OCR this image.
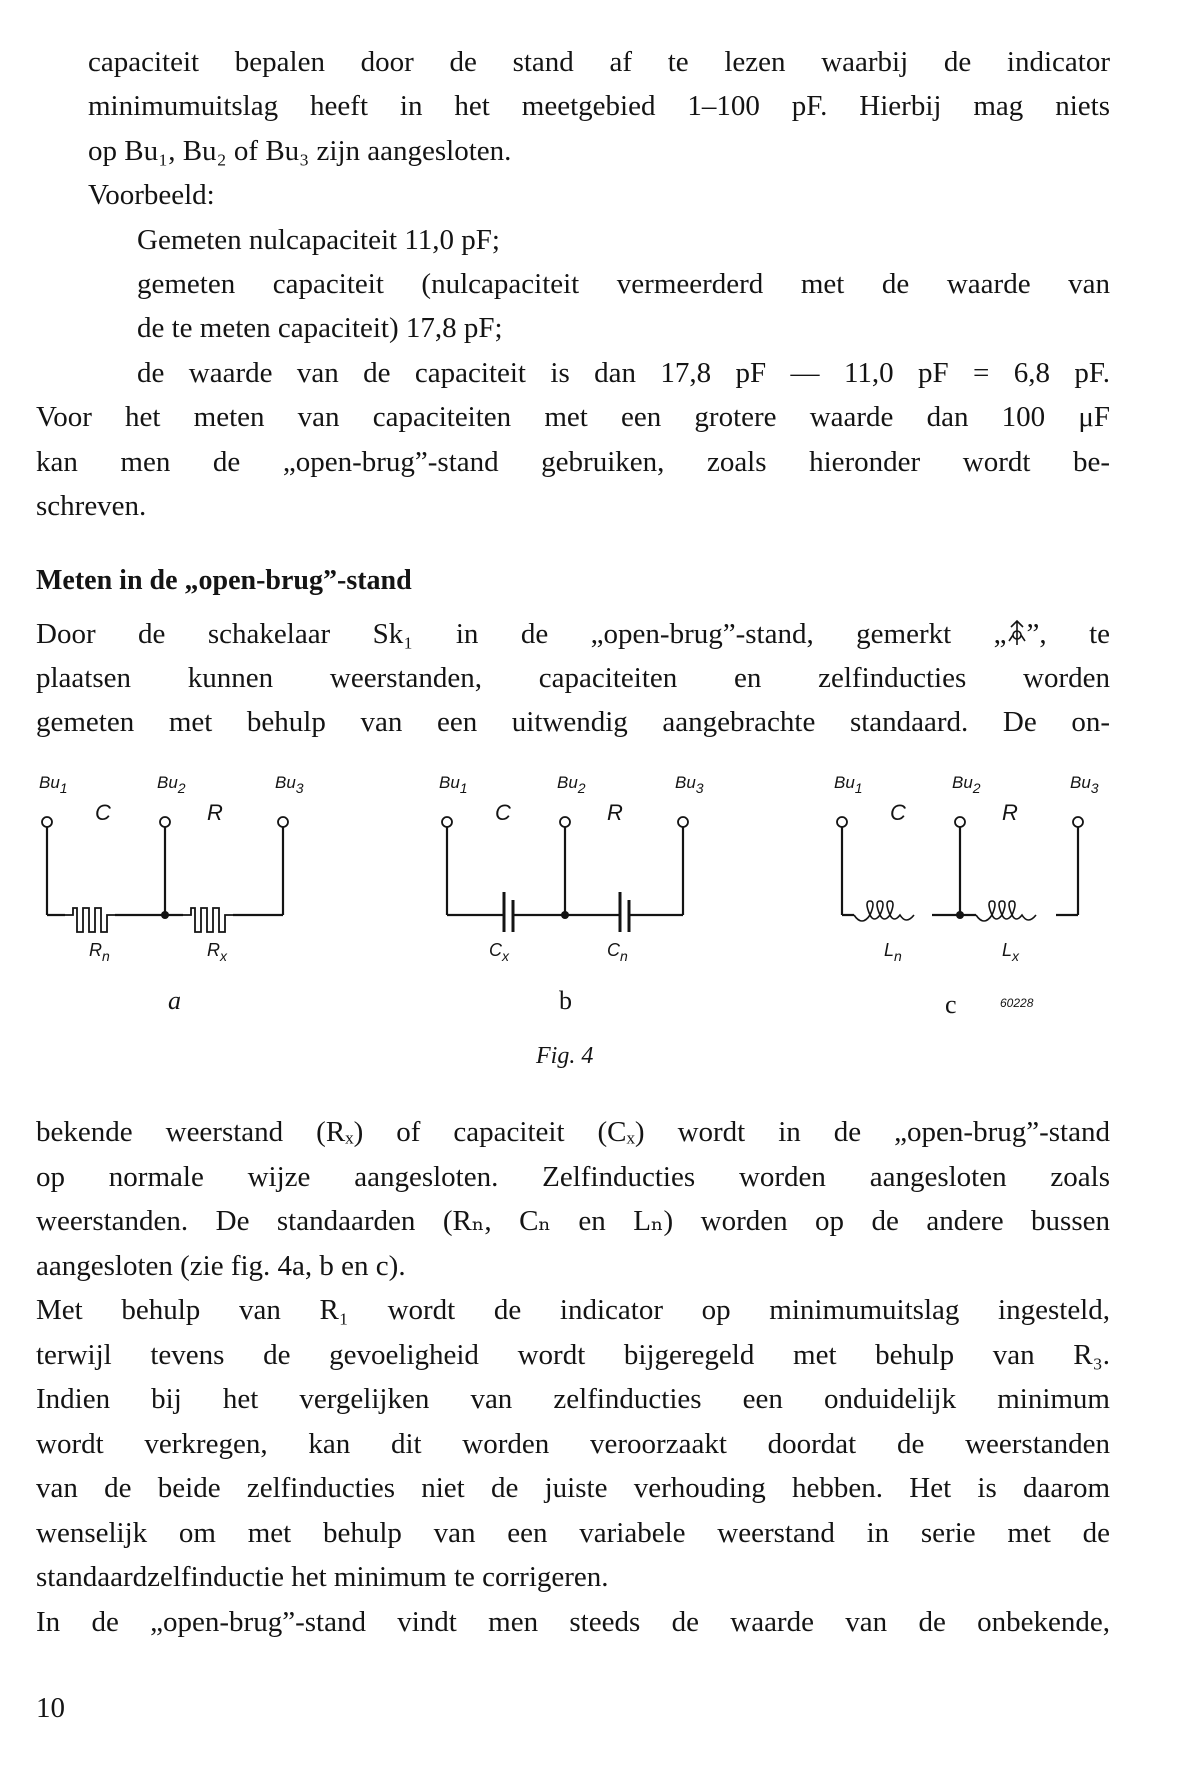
capaciteit bepalen door de stand af te lezen waarbij de indicator
minimumuitslag heeft in het meetgebied 1–100 pF. Hierbij mag niets
op Bu₁, Bu₂ of Bu₃ zijn aangesloten.
Voorbeeld:
Gemeten nulcapaciteit 11,0 pF;
gemeten capaciteit (nulcapaciteit vermeerderd met de waarde van
de te meten capaciteit) 17,8 pF;
de waarde van de capaciteit is dan 17,8 pF — 11,0 pF = 6,8 pF.
Voor het meten van capaciteiten met een grotere waarde dan 100 μF
kan men de „open-brug”-stand gebruiken, zoals hieronder wordt be-
schreven.
Meten in de „open-brug”-stand
Door de schakelaar Sk₁ in de „open-brug”-stand, gemerkt „ ”, te
plaatsen kunnen weerstanden, capaciteiten en zelfinducties worden
gemeten met behulp van een uitwendig aangebrachte standaard. De on-
$Bu_1$	$Bu_2$	$Bu_3$
C	R
$R_n$	$R_x$
$Bu_1$	$Bu_2$	$Bu_3$
C	R
$C_x$	$C_n$
$Bu_1$	$Bu_2$	$Bu_3$
C	R
$L_n$	$L_x$
60228
a	b	c
Fig. 4
bekende weerstand (Rₓ) of capaciteit (Cₓ) wordt in de „open-brug”-stand
op normale wijze aangesloten. Zelfinducties worden aangesloten zoals
weerstanden. De standaarden (Rₙ, Cₙ en Lₙ) worden op de andere bussen
aangesloten (zie fig. 4a, b en c).
Met behulp van R₁ wordt de indicator op minimumuitslag ingesteld,
terwijl tevens de gevoeligheid wordt bijgeregeld met behulp van R₃.
Indien bij het vergelijken van zelfinducties een onduidelijk minimum
wordt verkregen, kan dit worden veroorzaakt doordat de weerstanden
van de beide zelfinducties niet de juiste verhouding hebben. Het is daarom
wenselijk om met behulp van een variabele weerstand in serie met de
standaardzelfinductie het minimum te corrigeren.
In de „open-brug”-stand vindt men steeds de waarde van de onbekende,
10
